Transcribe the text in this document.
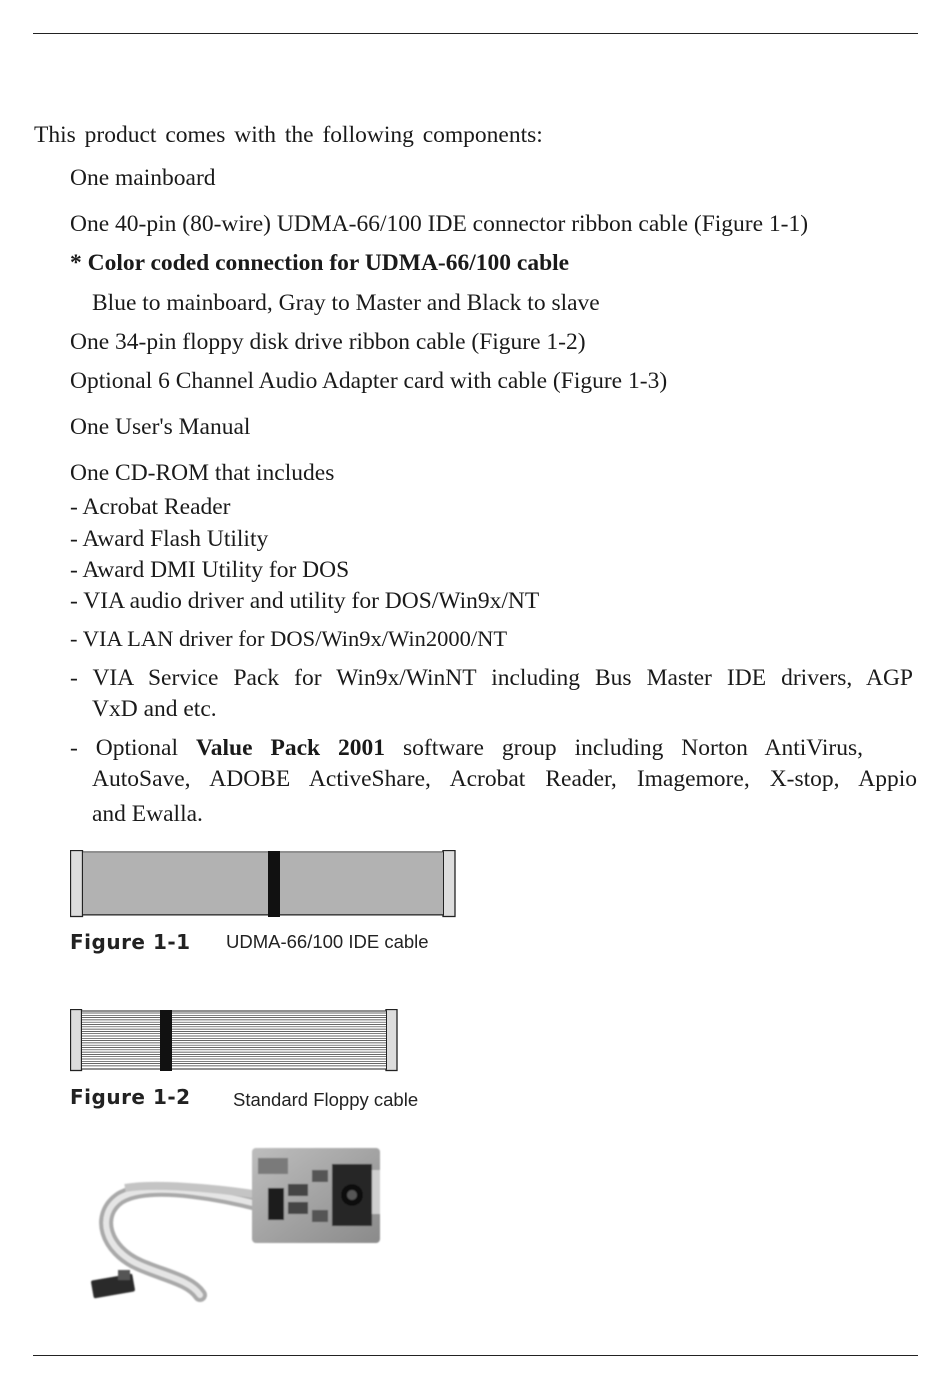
This product comes with the following components:
One mainboard
One 40-pin (80-wire) UDMA-66/100 IDE connector ribbon cable (Figure 1-1)
* Color coded connection for UDMA-66/100 cable
Blue to mainboard, Gray to Master and Black to slave
One 34-pin floppy disk drive ribbon cable (Figure 1-2)
Optional 6 Channel Audio Adapter card with cable (Figure 1-3)
One User's Manual
One CD-ROM that includes
- Acrobat Reader
- Award Flash Utility
- Award DMI Utility for DOS
- VIA audio driver and utility for DOS/Win9x/NT
- VIA LAN driver for DOS/Win9x/Win2000/NT
- VIA Service Pack for Win9x/WinNT including Bus Master IDE drivers, AGP
VxD and etc.
- Optional Value Pack 2001 software group including Norton AntiVirus,
AutoSave, ADOBE ActiveShare, Acrobat Reader, Imagemore, X-stop, Appio
and Ewalla.
Figure 1-1 UDMA-66/100 IDE cable
Figure 1-2 Standard Floppy cable
